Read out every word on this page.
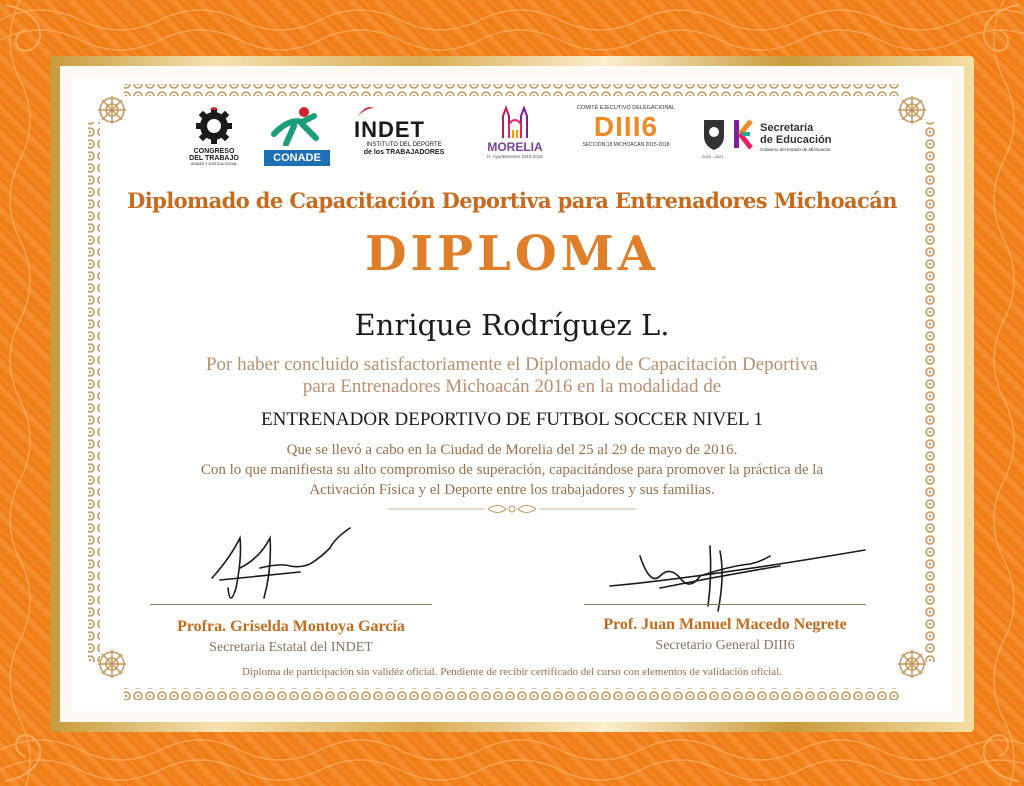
CONGRESO
DEL TRABAJO
UNIDAD Y JUSTICIA SOCIAL	CONADE
INDET
INSTITUTO DEL DEPORTE
de los TRABAJADORES	MORELIA
H. Ayuntamiento 2015-2018
COMITÉ EJECUTIVO DELEGACIONAL
DIII6
SECCIÓN 18 MICHOACÁN 2015-2018
2015 - 2021
Secretaría
de Educación
Gobierno del Estado de Michoacán
Diplomado de Capacitación Deportiva para Entrenadores Michoacán
DIPLOMA
Enrique Rodríguez L.
Por haber concluido satisfactoriamente el Diplomado de Capacitación Deportiva
para Entrenadores Michoacán 2016 en la modalidad de
ENTRENADOR DEPORTIVO DE FUTBOL SOCCER NIVEL 1
Que se llevó a cabo en la Ciudad de Morelia del 25 al 29 de mayo de 2016.
Con lo que manifiesta su alto compromiso de superación, capacitándose para promover la práctica de la
Activación Física y el Deporte entre los trabajadores y sus familias.
Profra. Griselda Montoya García
Secretaria Estatal del INDET
Prof. Juan Manuel Macedo Negrete
Secretario General DIII6
Diploma de participación sin validéz oficial. Pendiente de recibir certificado del curso con elementos de validación oficial.
